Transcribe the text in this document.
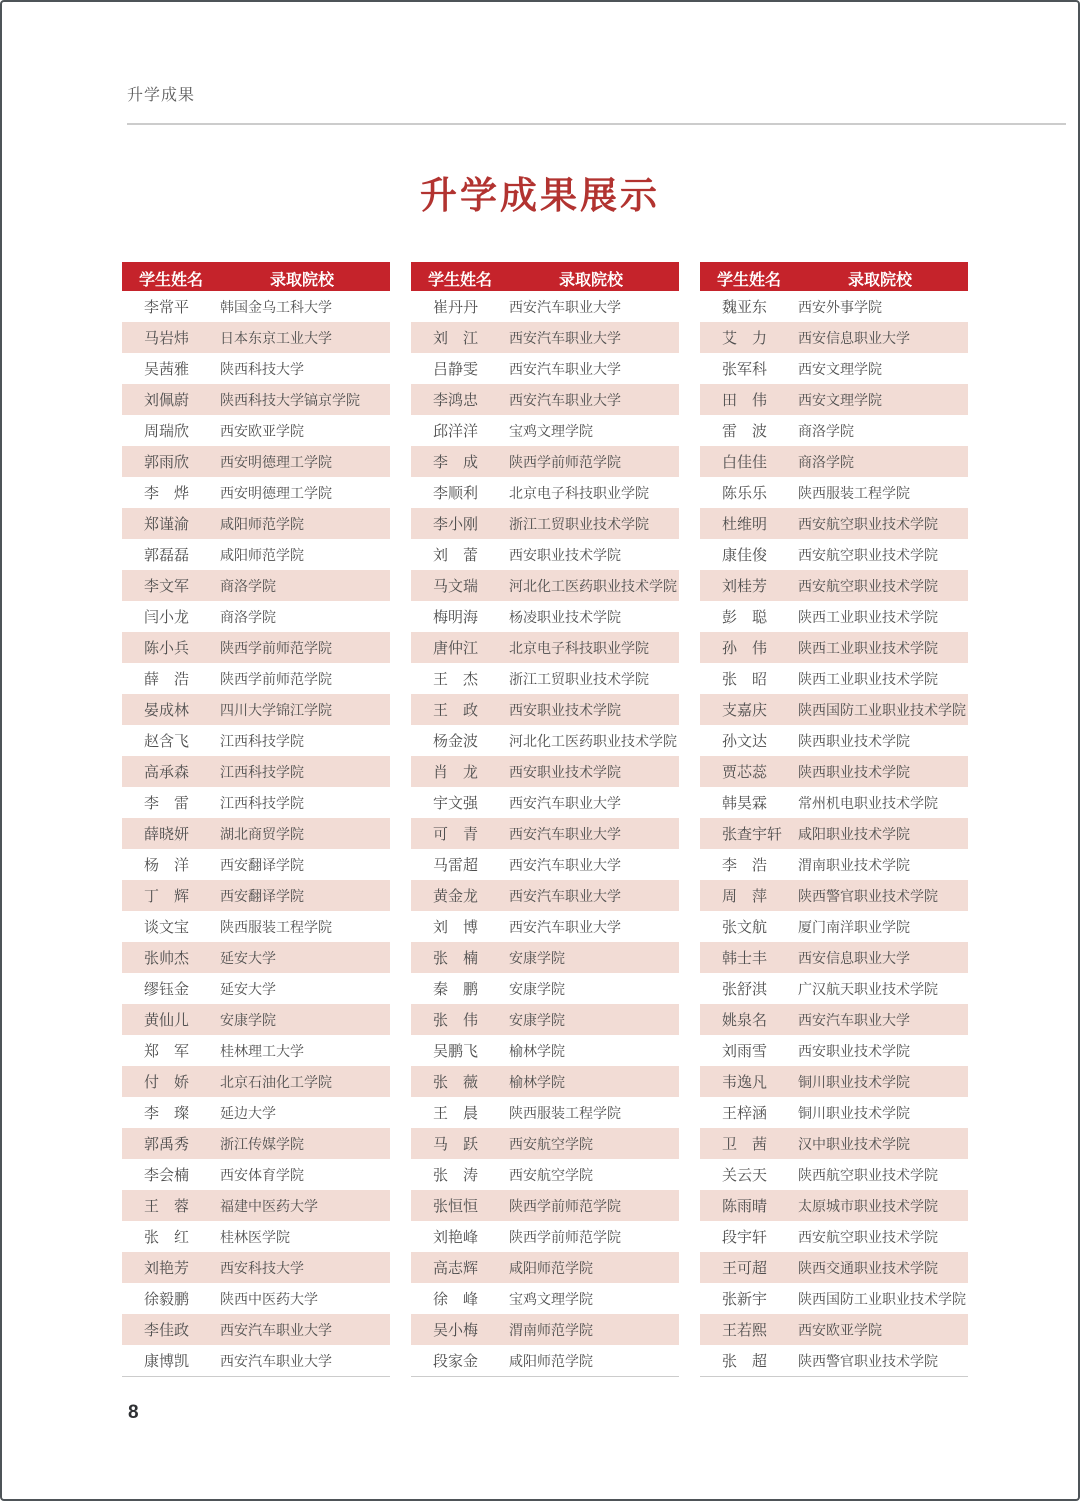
升学成果
升学成果展示
学生姓名	录取院校
李常平	韩国金乌工科大学
马岩炜	日本东京工业大学
吴茜雅	陕西科技大学
刘佩蔚	陕西科技大学镐京学院
周瑞欣	西安欧亚学院
郭雨欣	西安明德理工学院
李　烨	西安明德理工学院
郑谨渝	咸阳师范学院
郭磊磊	咸阳师范学院
李文军	商洛学院
闫小龙	商洛学院
陈小兵	陕西学前师范学院
薛　浩	陕西学前师范学院
晏成林	四川大学锦江学院
赵含飞	江西科技学院
高承森	江西科技学院
李　雷	江西科技学院
薛晓妍	湖北商贸学院
杨　洋	西安翻译学院
丁　辉	西安翻译学院
谈文宝	陕西服装工程学院
张帅杰	延安大学
缪钰金	延安大学
黄仙儿	安康学院
郑　军	桂林理工大学
付　娇	北京石油化工学院
李　璨	延边大学
郭禹秀	浙江传媒学院
李会楠	西安体育学院
王　蓉	福建中医药大学
张　红	桂林医学院
刘艳芳	西安科技大学
徐毅鹏	陕西中医药大学
李佳政	西安汽车职业大学
康博凯	西安汽车职业大学
学生姓名	录取院校
崔丹丹	西安汽车职业大学
刘　江	西安汽车职业大学
吕静雯	西安汽车职业大学
李鸿忠	西安汽车职业大学
邱洋洋	宝鸡文理学院
李　成	陕西学前师范学院
李顺利	北京电子科技职业学院
李小刚	浙江工贸职业技术学院
刘　蕾	西安职业技术学院
马文瑞	河北化工医药职业技术学院
梅明海	杨凌职业技术学院
唐仲江	北京电子科技职业学院
王　杰	浙江工贸职业技术学院
王　政	西安职业技术学院
杨金波	河北化工医药职业技术学院
肖　龙	西安职业技术学院
宇文强	西安汽车职业大学
可　青	西安汽车职业大学
马雷超	西安汽车职业大学
黄金龙	西安汽车职业大学
刘　博	西安汽车职业大学
张　楠	安康学院
秦　鹏	安康学院
张　伟	安康学院
吴鹏飞	榆林学院
张　薇	榆林学院
王　晨	陕西服装工程学院
马　跃	西安航空学院
张　涛	西安航空学院
张恒恒	陕西学前师范学院
刘艳峰	陕西学前师范学院
高志辉	咸阳师范学院
徐　峰	宝鸡文理学院
吴小梅	渭南师范学院
段家金	咸阳师范学院
学生姓名	录取院校
魏亚东	西安外事学院
艾　力	西安信息职业大学
张军科	西安文理学院
田　伟	西安文理学院
雷　波	商洛学院
白佳佳	商洛学院
陈乐乐	陕西服装工程学院
杜维明	西安航空职业技术学院
康佳俊	西安航空职业技术学院
刘桂芳	西安航空职业技术学院
彭　聪	陕西工业职业技术学院
孙　伟	陕西工业职业技术学院
张　昭	陕西工业职业技术学院
支嘉庆	陕西国防工业职业技术学院
孙文达	陕西职业技术学院
贾芯蕊	陕西职业技术学院
韩昊霖	常州机电职业技术学院
张查宇轩	咸阳职业技术学院
李　浩	渭南职业技术学院
周　萍	陕西警官职业技术学院
张文航	厦门南洋职业学院
韩士丰	西安信息职业大学
张舒淇	广汉航天职业技术学院
姚泉名	西安汽车职业大学
刘雨雪	西安职业技术学院
韦逸凡	铜川职业技术学院
王梓涵	铜川职业技术学院
卫　茜	汉中职业技术学院
关云天	陕西航空职业技术学院
陈雨晴	太原城市职业技术学院
段宇轩	西安航空职业技术学院
王可超	陕西交通职业技术学院
张新宇	陕西国防工业职业技术学院
王若熙	西安欧亚学院
张　超	陕西警官职业技术学院
8
